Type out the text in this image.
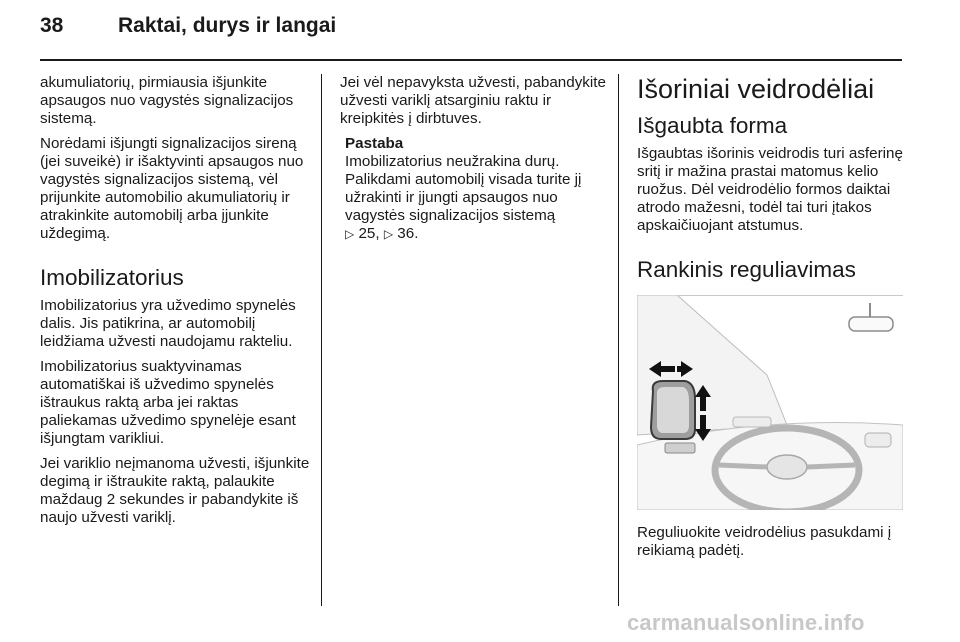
38	Raktai, durys ir langai

akumuliatorių, pirmiausia išjunkite apsaugos nuo vagystės signalizacijos sistemą.

Norėdami išjungti signalizacijos sireną (jei suveikė) ir išaktyvinti apsaugos nuo vagystės signalizacijos sistemą, vėl prijunkite automobilio akumuliatorių ir atrakinkite automobilį arba įjunkite uždegimą.

Imobilizatorius

Imobilizatorius yra užvedimo spynelės dalis. Jis patikrina, ar automobilį leidžiama užvesti naudojamu rakteliu.

Imobilizatorius suaktyvinamas automatiškai iš užvedimo spynelės ištraukus raktą arba jei raktas paliekamas užvedimo spynelėje esant išjungtam varikliui.

Jei variklio neįmanoma užvesti, išjunkite degimą ir ištraukite raktą, palaukite maždaug 2 sekundes ir pabandykite iš naujo užvesti variklį.

Jei vėl nepavyksta užvesti, pabandykite užvesti variklį atsarginiu raktu ir kreipkitės į dirbtuves.

Pastaba
Imobilizatorius neužrakina durų. Palikdami automobilį visada turite jį užrakinti ir įjungti apsaugos nuo vagystės signalizacijos sistemą
▷ 25, ▷ 36.
Išoriniai veidrodėliai
Išgaubta forma

Išgaubtas išorinis veidrodis turi asferinę sritį ir mažina prastai matomus kelio ruožus. Dėl veidrodėlio formos daiktai atrodo mažesni, todėl tai turi įtakos apskaičiuojant atstumus.

Rankinis reguliavimas

Reguliuokite veidrodėlius pasukdami į reikiamą padėtį.

carmanualsonline.info
